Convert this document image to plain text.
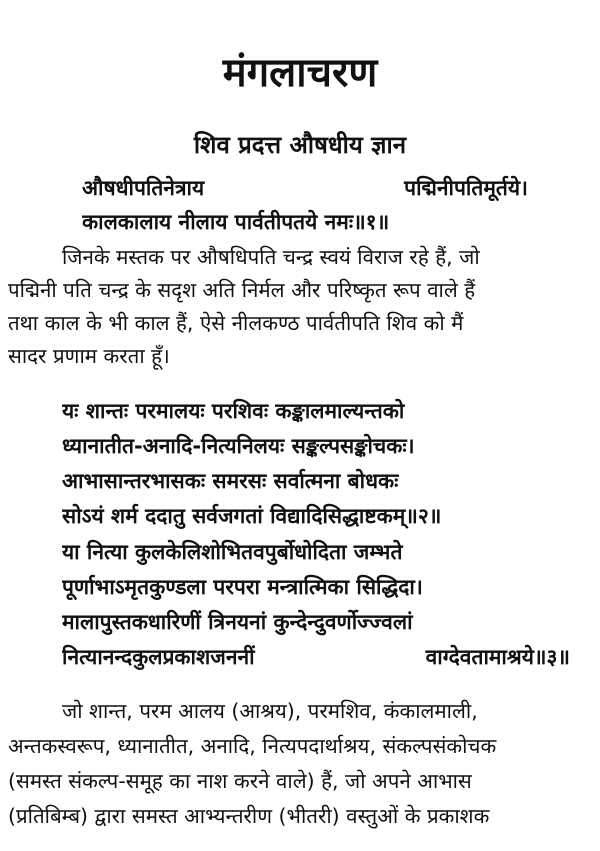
मंगलाचरण
शिव प्रदत्त औषधीय ज्ञान
औषधीपतिनेत्राय	पद्मिनीपतिमूर्तये।
कालकालाय नीलाय पार्वतीपतये नमः॥१॥
जिनके मस्तक पर औषधिपति चन्द्र स्वयं विराज रहे हैं, जो
पद्मिनी पति चन्द्र के सदृश अति निर्मल और परिष्कृत रूप वाले हैं
तथा काल के भी काल हैं, ऐसे नीलकण्ठ पार्वतीपति शिव को मैं
सादर प्रणाम करता हूँ।
यः शान्तः परमालयः परशिवः कङ्कालमाल्यन्तको
ध्यानातीत-अनादि-नित्यनिलयः सङ्कल्पसङ्कोचकः।
आभासान्तरभासकः समरसः सर्वात्मना बोधकः
सोऽयं शर्म ददातु सर्वजगतां विद्यादिसिद्धाष्टकम्॥२॥
या नित्या कुलकेलिशोभितवपुर्बोधोदिता जम्भते
पूर्णाभाऽमृतकुण्डला परपरा मन्त्रात्मिका सिद्धिदा।
मालापुस्तकधारिणीं त्रिनयनां कुन्देन्दुवर्णोज्ज्वलां
नित्यानन्दकुलप्रकाशजननीं	वाग्देवतामाश्रये॥३॥
जो शान्त, परम आलय (आश्रय), परमशिव, कंकालमाली,
अन्तकस्वरूप, ध्यानातीत, अनादि, नित्यपदार्थाश्रय, संकल्पसंकोचक
(समस्त संकल्प-समूह का नाश करने वाले) हैं, जो अपने आभास
(प्रतिबिम्ब) द्वारा समस्त आभ्यन्तरीण (भीतरी) वस्तुओं के प्रकाशक
